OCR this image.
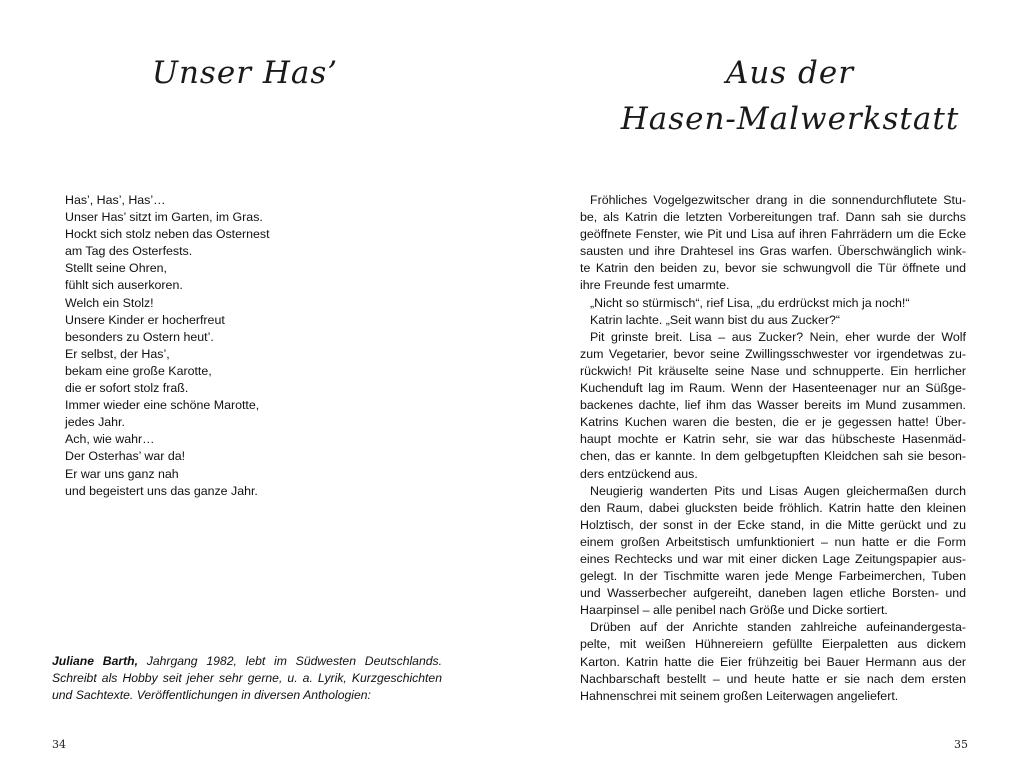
Unser Has’
Has’, Has’, Has’…
Unser Has’ sitzt im Garten, im Gras.
Hockt sich stolz neben das Osternest
am Tag des Osterfests.
Stellt seine Ohren,
fühlt sich auserkoren.
Welch ein Stolz!
Unsere Kinder er hocherfreut
besonders zu Ostern heut’.
Er selbst, der Has’,
bekam eine große Karotte,
die er sofort stolz fraß.
Immer wieder eine schöne Marotte,
jedes Jahr.
Ach, wie wahr…
Der Osterhas’ war da!
Er war uns ganz nah
und begeistert uns das ganze Jahr.
Juliane Barth, Jahrgang 1982, lebt im Südwesten Deutschlands.
Schreibt als Hobby seit jeher sehr gerne, u. a. Lyrik, Kurzgeschichten
und Sachtexte. Veröffentlichungen in diversen Anthologien:
34
Aus der
Hasen-Malwerkstatt
Fröhliches Vogelgezwitscher drang in die sonnendurchflutete Stu-
be, als Katrin die letzten Vorbereitungen traf. Dann sah sie durchs
geöffnete Fenster, wie Pit und Lisa auf ihren Fahrrädern um die Ecke
sausten und ihre Drahtesel ins Gras warfen. Überschwänglich wink-
te Katrin den beiden zu, bevor sie schwungvoll die Tür öffnete und
ihre Freunde fest umarmte.
„Nicht so stürmisch“, rief Lisa, „du erdrückst mich ja noch!“
Katrin lachte. „Seit wann bist du aus Zucker?“
Pit grinste breit. Lisa – aus Zucker? Nein, eher wurde der Wolf
zum Vegetarier, bevor seine Zwillingsschwester vor irgendetwas zu-
rückwich! Pit kräuselte seine Nase und schnupperte. Ein herrlicher
Kuchenduft lag im Raum. Wenn der Hasenteenager nur an Süßge-
backenes dachte, lief ihm das Wasser bereits im Mund zusammen.
Katrins Kuchen waren die besten, die er je gegessen hatte! Über-
haupt mochte er Katrin sehr, sie war das hübscheste Hasenmäd-
chen, das er kannte. In dem gelbgetupften Kleidchen sah sie beson-
ders entzückend aus.
Neugierig wanderten Pits und Lisas Augen gleichermaßen durch
den Raum, dabei glucksten beide fröhlich. Katrin hatte den kleinen
Holztisch, der sonst in der Ecke stand, in die Mitte gerückt und zu
einem großen Arbeitstisch umfunktioniert – nun hatte er die Form
eines Rechtecks und war mit einer dicken Lage Zeitungspapier aus-
gelegt. In der Tischmitte waren jede Menge Farbeimerchen, Tuben
und Wasserbecher aufgereiht, daneben lagen etliche Borsten- und
Haarpinsel – alle penibel nach Größe und Dicke sortiert.
Drüben auf der Anrichte standen zahlreiche aufeinandergesta-
pelte, mit weißen Hühnereiern gefüllte Eierpaletten aus dickem
Karton. Katrin hatte die Eier frühzeitig bei Bauer Hermann aus der
Nachbarschaft bestellt – und heute hatte er sie nach dem ersten
Hahnenschrei mit seinem großen Leiterwagen angeliefert.
35
